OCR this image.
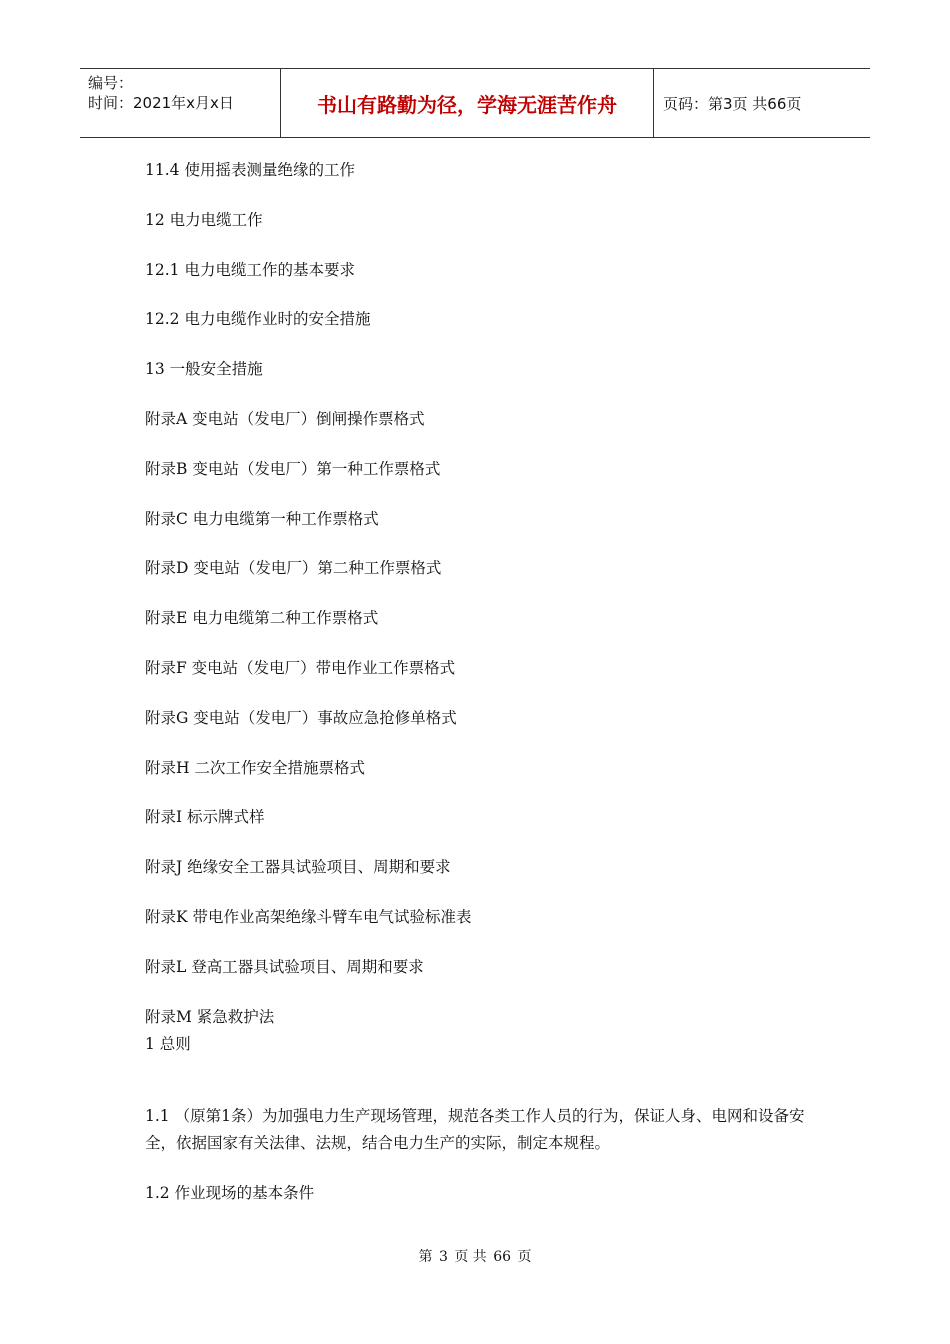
编号：
时间：2021年x月x日	书山有路勤为径，学海无涯苦作舟	页码：第3页 共66页
11.4 使用摇表测量绝缘的工作
12 电力电缆工作
12.1 电力电缆工作的基本要求
12.2 电力电缆作业时的安全措施
13 一般安全措施
附录A 变电站（发电厂）倒闸操作票格式
附录B 变电站（发电厂）第一种工作票格式
附录C 电力电缆第一种工作票格式
附录D 变电站（发电厂）第二种工作票格式
附录E 电力电缆第二种工作票格式
附录F 变电站（发电厂）带电作业工作票格式
附录G 变电站（发电厂）事故应急抢修单格式
附录H 二次工作安全措施票格式
附录I 标示牌式样
附录J 绝缘安全工器具试验项目、周期和要求
附录K 带电作业高架绝缘斗臂车电气试验标准表
附录L 登高工器具试验项目、周期和要求
附录M 紧急救护法

1 总则

1.1 （原第1条）为加强电力生产现场管理，规范各类工作人员的行为，保证人身、电网和设备安全，依据国家有关法律、法规，结合电力生产的实际，制定本规程。

1.2 作业现场的基本条件

第 3 页 共 66 页
